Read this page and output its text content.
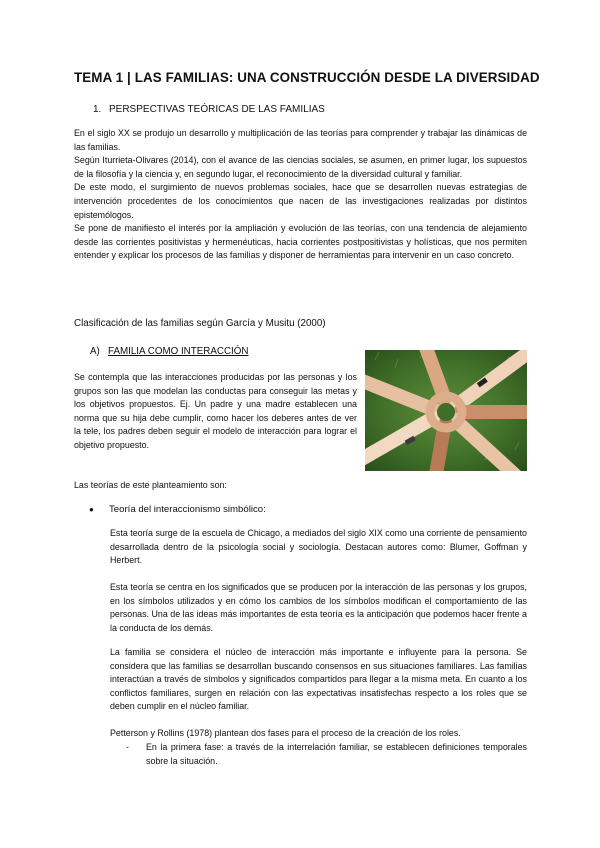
TEMA 1 | LAS FAMILIAS: UNA CONSTRUCCIÓN DESDE LA DIVERSIDAD
1. PERSPECTIVAS TEÓRICAS DE LAS FAMILIAS
En el siglo XX se produjo un desarrollo y multiplicación de las teorías para comprender y trabajar las dinámicas de las familias.
Según Iturrieta-Olivares (2014), con el avance de las ciencias sociales, se asumen, en primer lugar, los supuestos de la filosofía y la ciencia y, en segundo lugar, el reconocimiento de la diversidad cultural y familiar.
De este modo, el surgimiento de nuevos problemas sociales, hace que se desarrollen nuevas estrategias de intervención procedentes de los conocimientos que nacen de las investigaciones realizadas por distintos epistemólogos.
Se pone de manifiesto el interés por la ampliación y evolución de las teorías, con una tendencia de alejamiento desde las corrientes positivistas y hermenéuticas, hacia corrientes postpositivistas y holísticas, que nos permiten entender y explicar los procesos de las familias y disponer de herramientas para intervenir en un caso concreto.
Clasificación de las familias según García y Musitu (2000)
A) FAMILIA COMO INTERACCIÓN
Se contempla que las interacciones producidas por las personas y los grupos son las que modelan las conductas para conseguir las metas y los objetivos propuestos. Ej. Un padre y una madre establecen una norma que su hija debe cumplir, como hacer los deberes antes de ver la tele, los padres deben seguir el modelo de interacción para lograr el objetivo propuesto.
Las teorías de este planteamiento son:
● Teoría del interaccionismo simbólico:
Esta teoría surge de la escuela de Chicago, a mediados del siglo XIX como una corriente de pensamiento desarrollada dentro de la psicología social y sociología. Destacan autores como: Blumer, Goffman y Herbert.
Esta teoría se centra en los significados que se producen por la interacción de las personas y los grupos, en los símbolos utilizados y en cómo los cambios de los símbolos modifican el comportamiento de las personas. Una de las ideas más importantes de esta teoría es la anticipación que podemos hacer frente a la conducta de los demás.
La familia se considera el núcleo de interacción más importante e influyente para la persona. Se considera que las familias se desarrollan buscando consensos en sus situaciones familiares. Las familias interactúan a través de símbolos y significados compartidos para llegar a la misma meta. En cuanto a los conflictos familiares, surgen en relación con las expectativas insatisfechas respecto a los roles que se deben cumplir en el núcleo familiar.
Petterson y Rollins (1978) plantean dos fases para el proceso de la creación de los roles.
- En la primera fase: a través de la interrelación familiar, se establecen definiciones temporales sobre la situación.
